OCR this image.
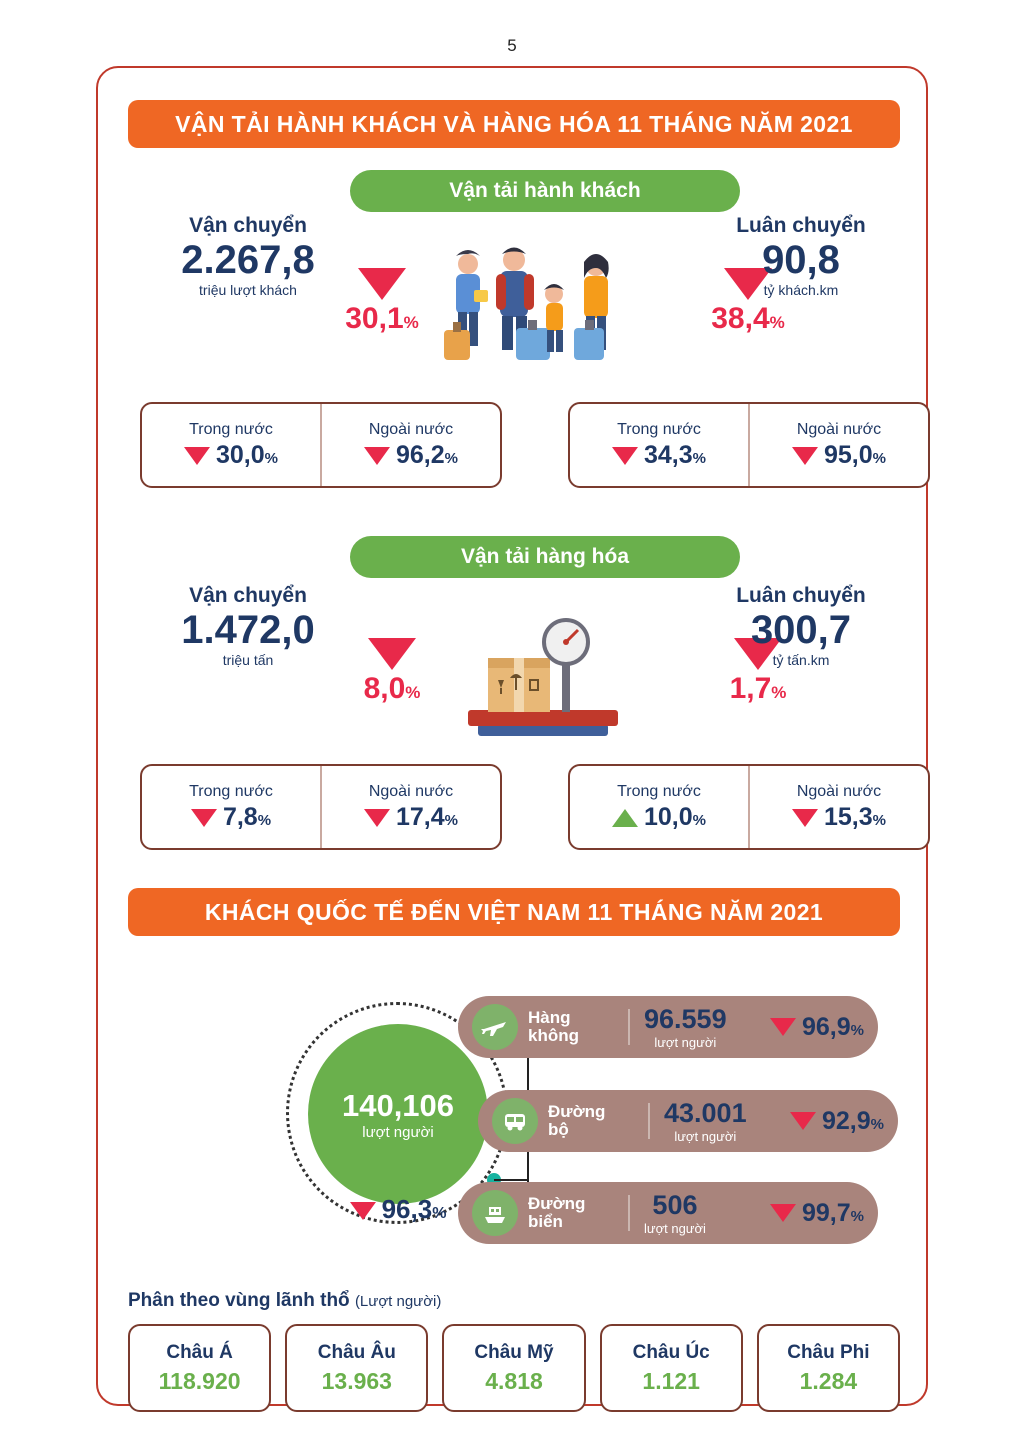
5
VẬN TẢI HÀNH KHÁCH VÀ HÀNG HÓA 11 THÁNG NĂM 2021
Vận tải hành khách
Vận chuyển
2.267,8
triệu lượt khách
30,1%	38,4%
Luân chuyển
90,8
tỷ khách.km
Trong nước
30,0%
Ngoài nước
96,2%
Trong nước
34,3%
Ngoài nước
95,0%
Vận tải hàng hóa
Vận chuyển
1.472,0
triệu tấn
8,0%	1,7%
Luân chuyển
300,7
tỷ tấn.km
Trong nước
7,8%
Ngoài nước
17,4%
Trong nước
10,0%
Ngoài nước
15,3%
KHÁCH QUỐC TẾ ĐẾN VIỆT NAM 11 THÁNG NĂM 2021
140,106
lượt người
96,3%
Hàng
không
96.559
lượt người
96,9%
Đường
bộ
43.001
lượt người
92,9%
Đường
biển
506
lượt người
99,7%
Phân theo vùng lãnh thổ (Lượt người)
Châu Á
118.920
Châu Âu
13.963
Châu Mỹ
4.818
Châu Úc
1.121
Châu Phi
1.284
